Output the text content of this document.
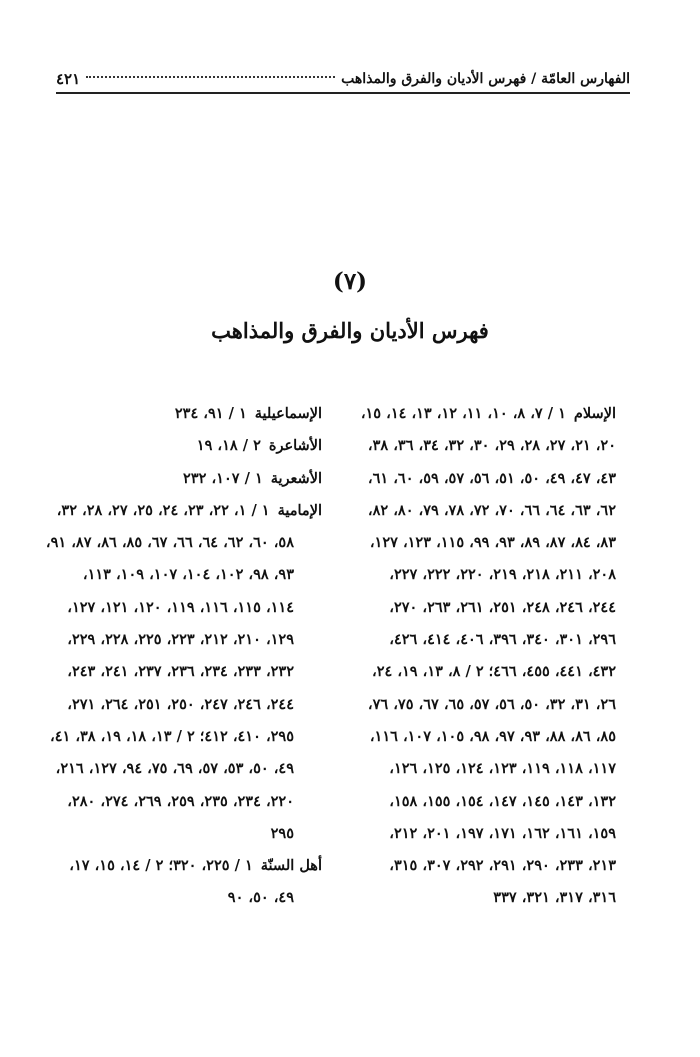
الفهارس العامّة / فهرس الأديان والفرق والمذاهب
٤٢١
(٧)
فهرس الأديان والفرق والمذاهب
الإسلام١ / ٧، ٨، ١٠، ١١، ١٢، ١٣، ١٤، ١٥،
٢٠، ٢١، ٢٧، ٢٨، ٢٩، ٣٠، ٣٢، ٣٤، ٣٦، ٣٨،
٤٣، ٤٧، ٤٩، ٥٠، ٥١، ٥٦، ٥٧، ٥٩، ٦٠، ٦١،
٦٢، ٦٣، ٦٤، ٦٦، ٧٠، ٧٢، ٧٨، ٧٩، ٨٠، ٨٢،
٨٣، ٨٤، ٨٧، ٨٩، ٩٣، ٩٩، ١١٥، ١٢٣، ١٢٧،
٢٠٨، ٢١١، ٢١٨، ٢١٩، ٢٢٠، ٢٢٢، ٢٢٧،
٢٤٤، ٢٤٦، ٢٤٨، ٢٥١، ٢٦١، ٢٦٣، ٢٧٠،
٢٩٦، ٣٠١، ٣٤٠، ٣٩٦، ٤٠٦، ٤١٤، ٤٢٦،
٤٣٢، ٤٤١، ٤٥٥، ٤٦٦؛ ٢ / ٨، ١٣، ١٩، ٢٤،
٢٦، ٣١، ٣٢، ٥٠، ٥٦، ٥٧، ٦٥، ٦٧، ٧٥، ٧٦،
٨٥، ٨٦، ٨٨، ٩٣، ٩٧، ٩٨، ١٠٥، ١٠٧، ١١٦،
١١٧، ١١٨، ١١٩، ١٢٣، ١٢٤، ١٢٥، ١٢٦،
١٣٢، ١٤٣، ١٤٥، ١٤٧، ١٥٤، ١٥٥، ١٥٨،
١٥٩، ١٦١، ١٦٢، ١٧١، ١٩٧، ٢٠١، ٢١٢،
٢١٣، ٢٣٣، ٢٩٠، ٢٩١، ٢٩٢، ٣٠٧، ٣١٥،
٣١٦، ٣١٧، ٣٢١، ٣٣٧
الإسماعيلية١ / ٩١، ٢٣٤
الأشاعرة٢ / ١٨، ١٩
الأشعرية١ / ١٠٧، ٢٣٢
الإمامية١ / ١، ٢٢، ٢٣، ٢٤، ٢٥، ٢٧، ٢٨، ٣٢،
٥٨، ٦٠، ٦٢، ٦٤، ٦٦، ٦٧، ٨٥، ٨٦، ٨٧، ٩١،
٩٣، ٩٨، ١٠٢، ١٠٤، ١٠٧، ١٠٩، ١١٣،
١١٤، ١١٥، ١١٦، ١١٩، ١٢٠، ١٢١، ١٢٧،
١٢٩، ٢١٠، ٢١٢، ٢٢٣، ٢٢٥، ٢٢٨، ٢٢٩،
٢٣٢، ٢٣٣، ٢٣٤، ٢٣٦، ٢٣٧، ٢٤١، ٢٤٣،
٢٤٤، ٢٤٦، ٢٤٧، ٢٥٠، ٢٥١، ٢٦٤، ٢٧١،
٢٩٥، ٤١٠، ٤١٢؛ ٢ / ١٣، ١٨، ١٩، ٣٨، ٤١،
٤٩، ٥٠، ٥٣، ٥٧، ٦٩، ٧٥، ٩٤، ١٢٧، ٢١٦،
٢٢٠، ٢٣٤، ٢٣٥، ٢٥٩، ٢٦٩، ٢٧٤، ٢٨٠،
٢٩٥
أهل السنّة١ / ٢٢٥، ٣٢٠؛ ٢ / ١٤، ١٥، ١٧،
٤٩، ٥٠، ٩٠
